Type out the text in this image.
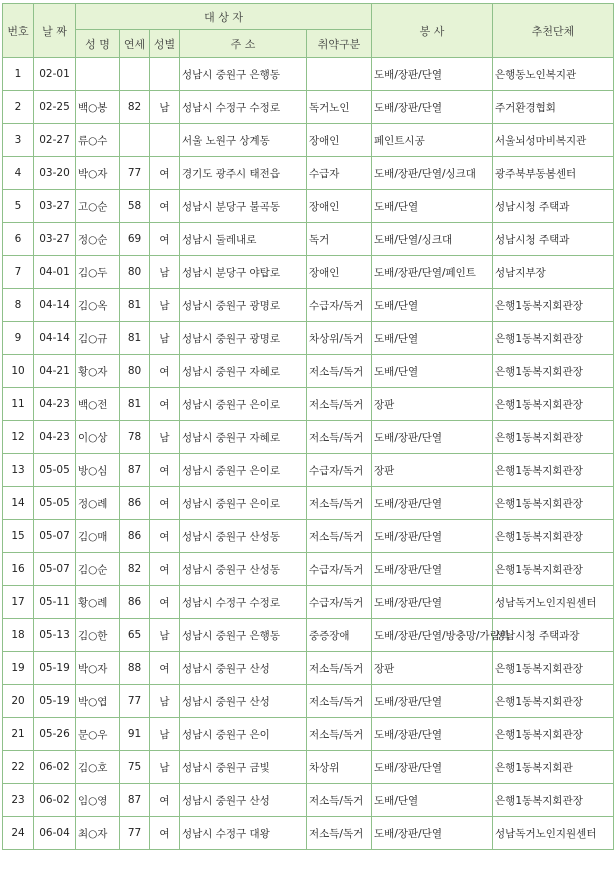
번호	날 짜	대 상 자					봉 사	추천단체
		성 명	연세	성별	주 소	취약구분		
1	02-01				성남시 중원구 은행동		도배/장판/단열	은행동노인복지관
2	02-25	백○봉	82	남	성남시 수정구 수정로	독거노인	도배/장판/단열	주거환경협회
3	02-27	류○수			서울 노원구 상계동	장애인	페인트시공	서울뇌성마비복지관
4	03-20	박○자	77	여	경기도 광주시 태전읍	수급자	도배/장판/단열/싱크대	광주북부동봄센터
5	03-27	고○순	58	여	성남시 분당구 불곡동	장애인	도배/단열	성남시청 주택과
6	03-27	정○순	69	여	성남시 둘레내로	독거	도배/단열/싱크대	성남시청 주택과
7	04-01	김○두	80	남	성남시 분당구 야탑로	장애인	도배/장판/단열/페인트	성남지부장
8	04-14	김○옥	81	남	성남시 중원구 광명로	수급자/독거	도배/단열	은행1동복지회관장
9	04-14	김○규	81	남	성남시 중원구 광명로	차상위/독거	도배/단열	은행1동복지회관장
10	04-21	황○자	80	여	성남시 중원구 자혜로	저소득/독거	도배/단열	은행1동복지회관장
11	04-23	백○전	81	여	성남시 중원구 은이로	저소득/독거	장판	은행1동복지회관장
12	04-23	이○상	78	남	성남시 중원구 자혜로	저소득/독거	도배/장판/단열	은행1동복지회관장
13	05-05	방○심	87	여	성남시 중원구 은이로	수급자/독거	장판	은행1동복지회관장
14	05-05	정○례	86	여	성남시 중원구 은이로	저소득/독거	도배/장판/단열	은행1동복지회관장
15	05-07	김○매	86	여	성남시 중원구 산성동	저소득/독거	도배/장판/단열	은행1동복지회관장
16	05-07	김○순	82	여	성남시 중원구 산성동	수급자/독거	도배/장판/단열	은행1동복지회관장
17	05-11	황○례	86	여	성남시 수정구 수정로	수급자/독거	도배/장판/단열	성남독거노인지원센터
18	05-13	김○한	65	남	성남시 중원구 은행동	중증장애	도배/장판/단열/방충망/가림막	성남시청 주택과장
19	05-19	박○자	88	여	성남시 중원구 산성	저소득/독거	장판	은행1동복지회관장
20	05-19	박○엽	77	남	성남시 중원구 산성	저소득/독거	도배/장판/단열	은행1동복지회관장
21	05-26	문○우	91	남	성남시 중원구 은이	저소득/독거	도배/장판/단열	은행1동복지회관장
22	06-02	김○호	75	남	성남시 중원구 금빛	차상위	도배/장판/단열	은행1동복지회관
23	06-02	임○영	87	여	성남시 중원구 산성	저소득/독거	도배/단열	은행1동복지회관장
24	06-04	최○자	77	여	성남시 수정구 대왕	저소득/독거	도배/장판/단열	성남독거노인지원센터
